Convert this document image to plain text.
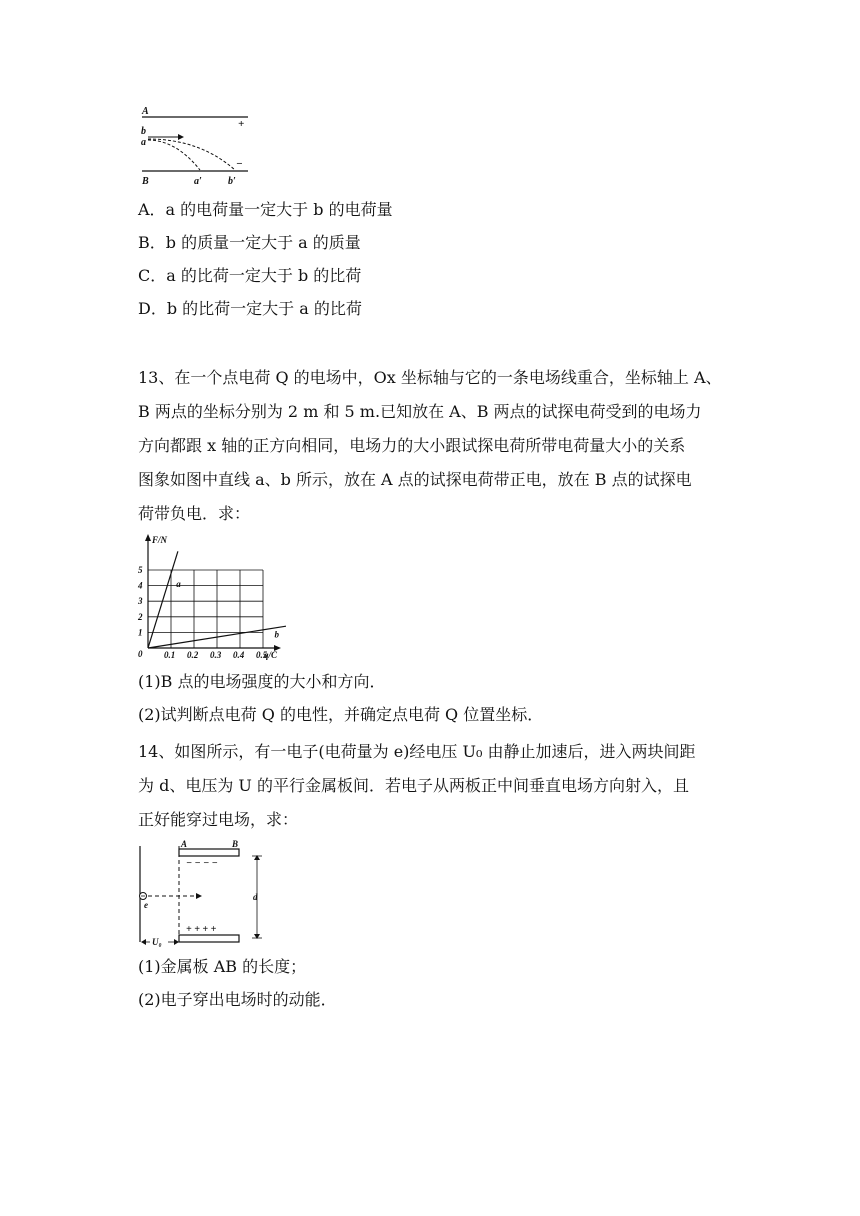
A
B
+
−
b
a
a′	b′
A．a 的电荷量一定大于 b 的电荷量
B．b 的质量一定大于 a 的质量
C．a 的比荷一定大于 b 的比荷
D．b 的比荷一定大于 a 的比荷
13、在一个点电荷 Q 的电场中，Ox 坐标轴与它的一条电场线重合，坐标轴上 A、
B 两点的坐标分别为 2 m 和 5 m.已知放在 A、B 两点的试探电荷受到的电场力
方向都跟 x 轴的正方向相同，电场力的大小跟试探电荷所带电荷量大小的关系
图象如图中直线 a、b 所示，放在 A 点的试探电荷带正电，放在 B 点的试探电
荷带负电．求：
F/N
q/C
0 0.1 0.2 0.3 0.4 0.5
1
2
3
4
5
a
b
(1)B 点的电场强度的大小和方向．
(2)试判断点电荷 Q 的电性，并确定点电荷 Q 位置坐标．
14、如图所示，有一电子(电荷量为 e)经电压 U₀ 由静止加速后，进入两块间距
为 d、电压为 U 的平行金属板间．若电子从两板正中间垂直电场方向射入，且
正好能穿过电场，求：
A	B
− − − −
+ + + +
e
d
U₀
(1)金属板 AB 的长度；
(2)电子穿出电场时的动能．
